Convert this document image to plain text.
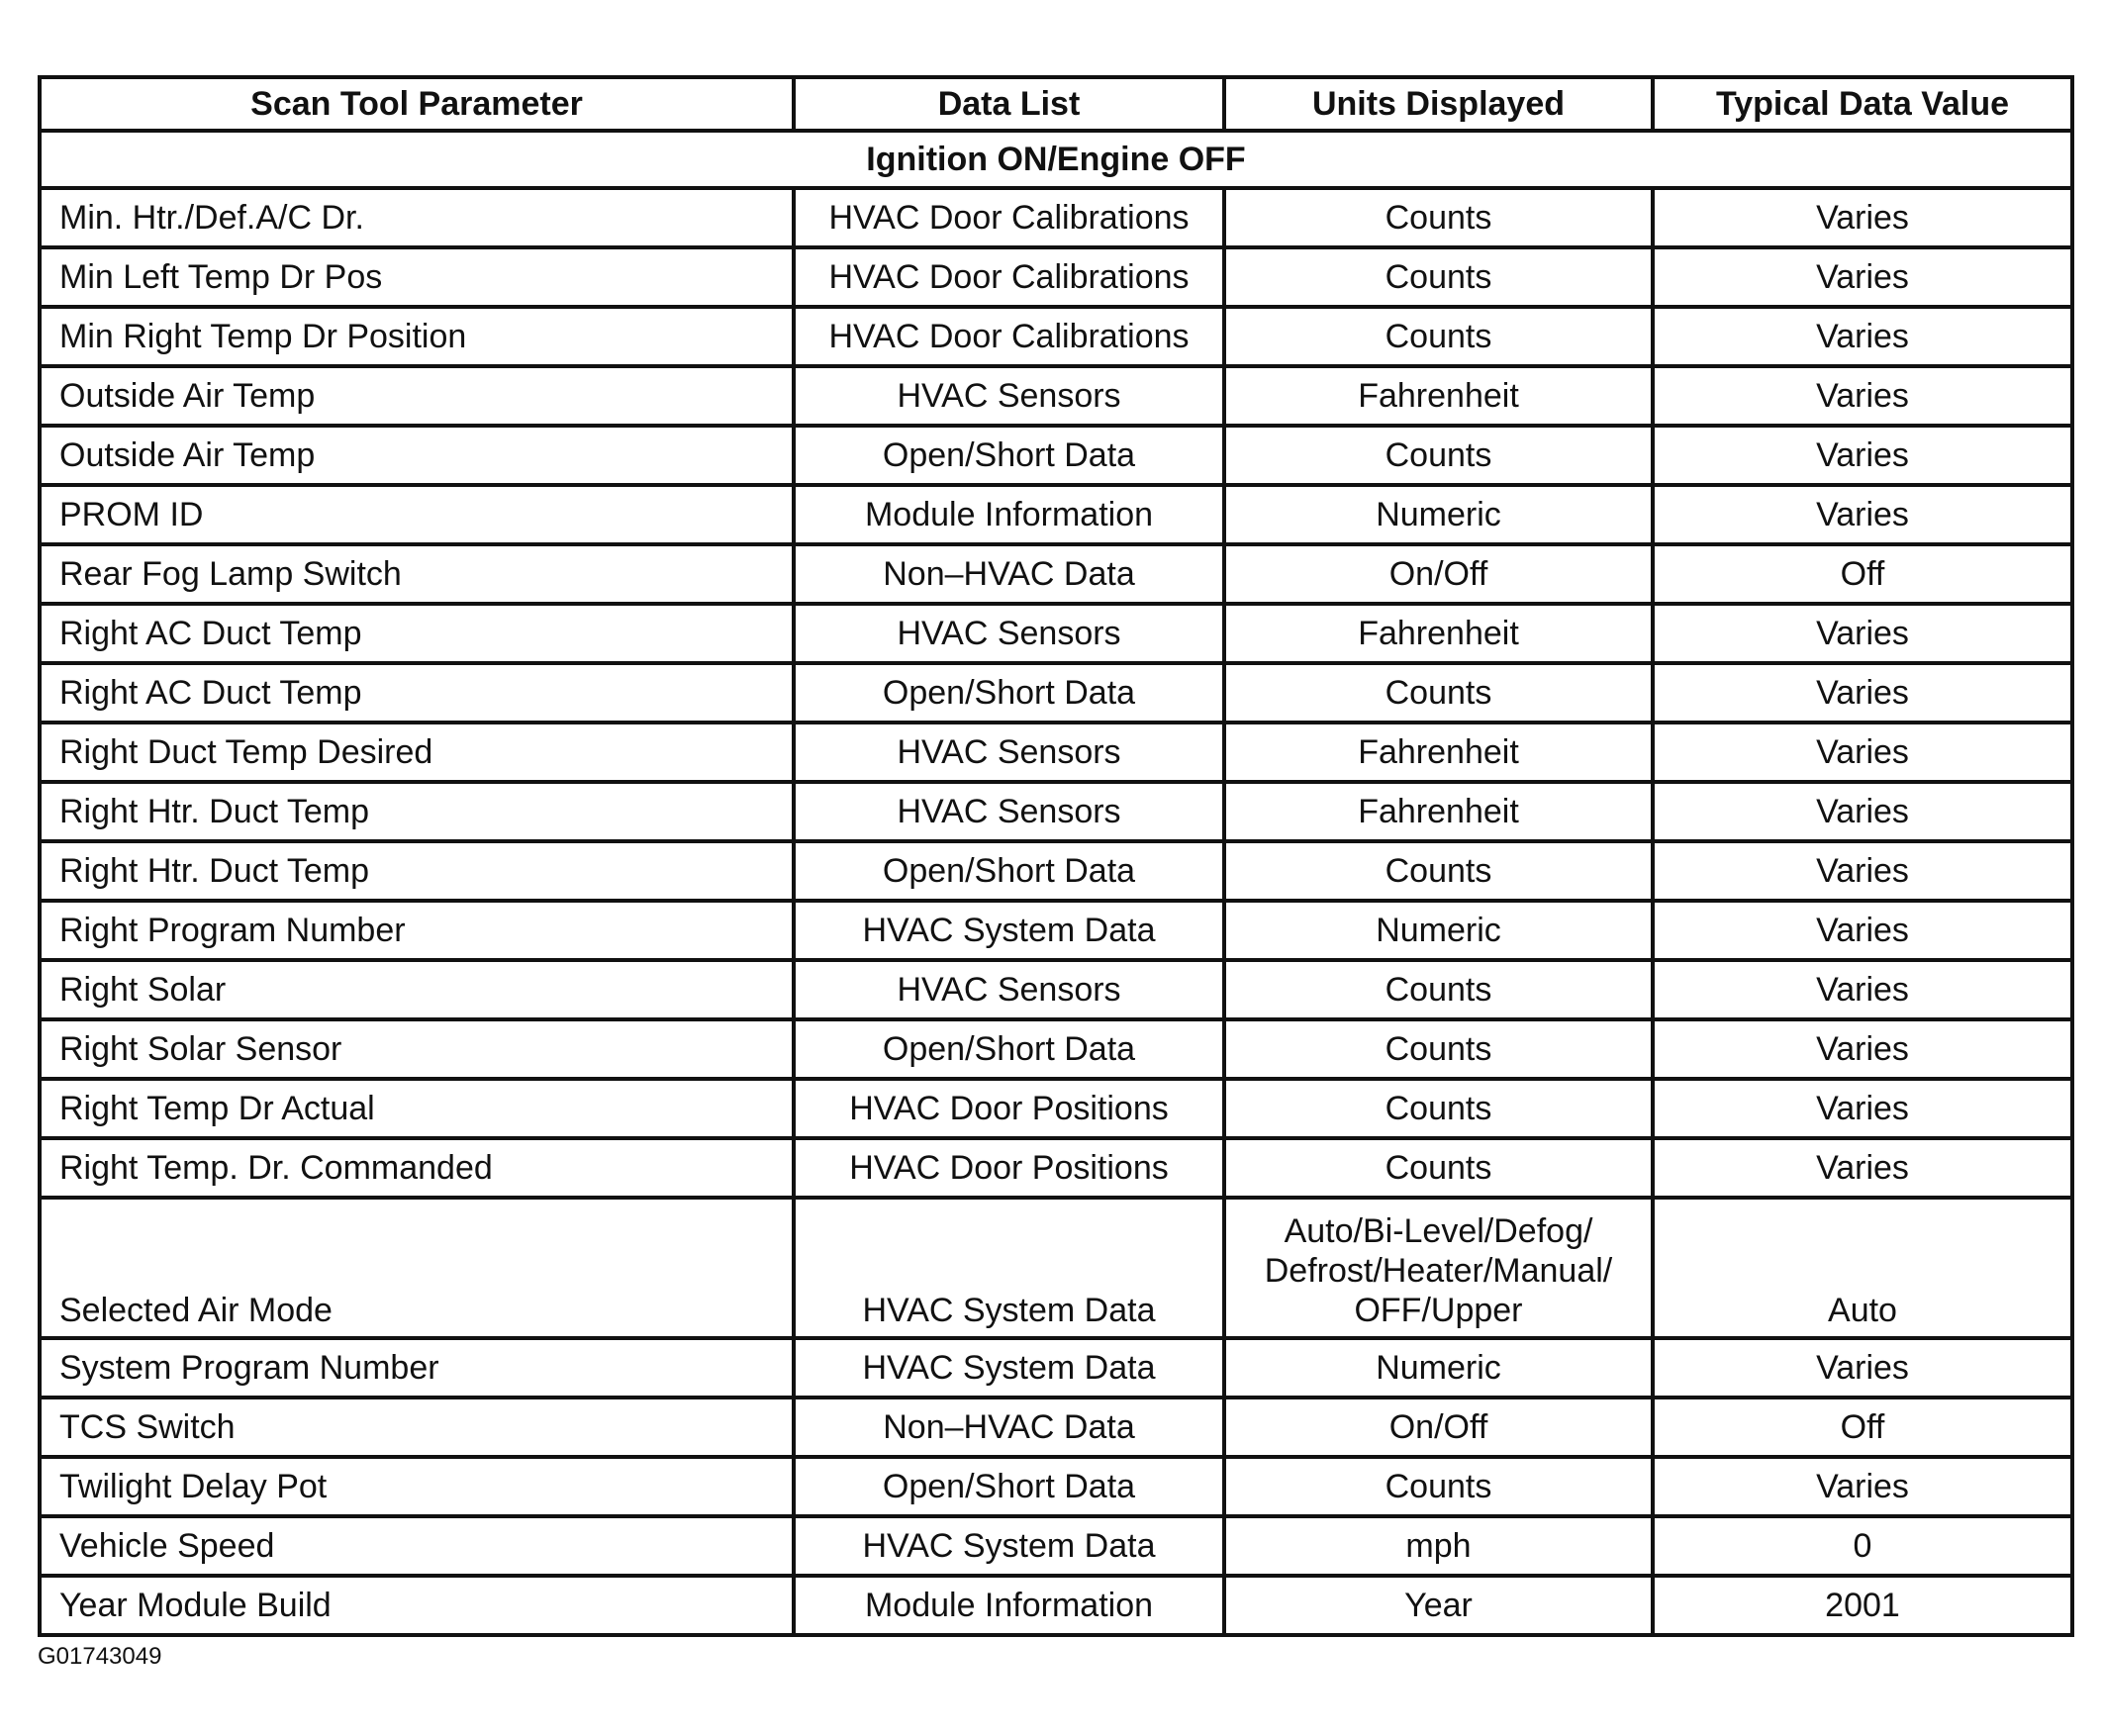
Scan Tool Parameter	Data List	Units Displayed	Typical Data Value
Ignition ON/Engine OFF			
Min. Htr./Def.A/C Dr.	HVAC Door Calibrations	Counts	Varies
Min Left Temp Dr Pos	HVAC Door Calibrations	Counts	Varies
Min Right Temp Dr Position	HVAC Door Calibrations	Counts	Varies
Outside Air Temp	HVAC Sensors	Fahrenheit	Varies
Outside Air Temp	Open/Short Data	Counts	Varies
PROM ID	Module Information	Numeric	Varies
Rear Fog Lamp Switch	Non–HVAC Data	On/Off	Off
Right AC Duct Temp	HVAC Sensors	Fahrenheit	Varies
Right AC Duct Temp	Open/Short Data	Counts	Varies
Right Duct Temp Desired	HVAC Sensors	Fahrenheit	Varies
Right Htr. Duct Temp	HVAC Sensors	Fahrenheit	Varies
Right Htr. Duct Temp	Open/Short Data	Counts	Varies
Right Program Number	HVAC System Data	Numeric	Varies
Right Solar	HVAC Sensors	Counts	Varies
Right Solar Sensor	Open/Short Data	Counts	Varies
Right Temp Dr Actual	HVAC Door Positions	Counts	Varies
Right Temp. Dr. Commanded	HVAC Door Positions	Counts	Varies
Selected Air Mode	HVAC System Data	Auto/Bi-Level/Defog/
Defrost/Heater/Manual/
OFF/Upper	Auto
System Program Number	HVAC System Data	Numeric	Varies
TCS Switch	Non–HVAC Data	On/Off	Off
Twilight Delay Pot	Open/Short Data	Counts	Varies
Vehicle Speed	HVAC System Data	mph	0
Year Module Build	Module Information	Year	2001
G01743049
